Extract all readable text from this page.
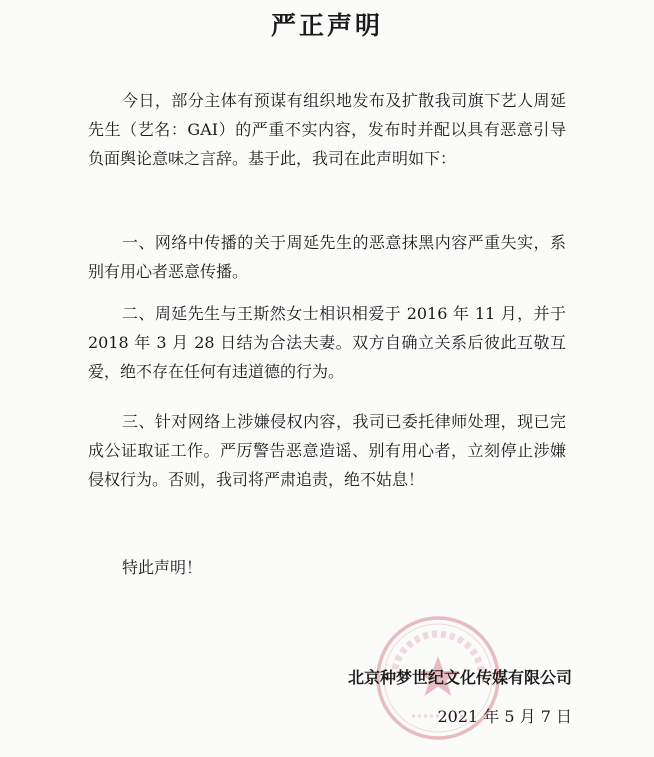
严正声明
今日，部分主体有预谋有组织地发布及扩散我司旗下艺人周延先生（艺名：GAI）的严重不实内容，发布时并配以具有恶意引导负面舆论意味之言辞。基于此，我司在此声明如下：
一、网络中传播的关于周延先生的恶意抹黑内容严重失实，系别有用心者恶意传播。
二、周延先生与王斯然女士相识相爱于 2016 年 11 月，并于 2018 年 3 月 28 日结为合法夫妻。双方自确立关系后彼此互敬互爱，绝不存在任何有违道德的行为。
三、针对网络上涉嫌侵权内容，我司已委托律师处理，现已完成公证取证工作。严厉警告恶意造谣、别有用心者，立刻停止涉嫌侵权行为。否则，我司将严肃追责，绝不姑息！
特此声明！
北京种梦世纪文化传媒有限公司
2021 年 5 月 7 日
